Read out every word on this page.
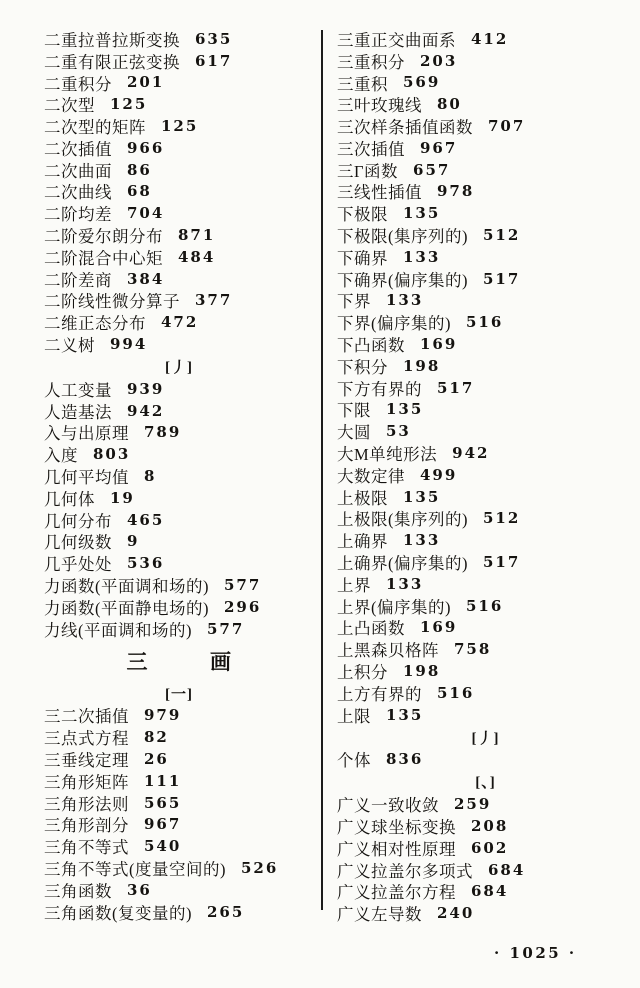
二重拉普拉斯变换 635
二重有限正弦变换 617
二重积分 201
二次型 125
二次型的矩阵 125
二次插值 966
二次曲面 86
二次曲线 68
二阶均差 704
二阶爱尔朗分布 871
二阶混合中心矩 484
二阶差商 384
二阶线性微分算子 377
二维正态分布 472
二义树 994
[丿]
人工变量 939
人造基法 942
入与出原理 789
入度 803
几何平均值 8
几何体 19
几何分布 465
几何级数 9
几乎处处 536
力函数(平面调和场的) 577
力函数(平面静电场的) 296
力线(平面调和场的) 577
三	画
[一]
三二次插值 979
三点式方程 82
三垂线定理 26
三角形矩阵 111
三角形法则 565
三角形剖分 967
三角不等式 540
三角不等式(度量空间的) 526
三角函数 36
三角函数(复变量的) 265
三重正交曲面系 412
三重积分 203
三重积 569
三叶玫瑰线 80
三次样条插值函数 707
三次插值 967
三Γ函数 657
三线性插值 978
下极限 135
下极限(集序列的) 512
下确界 133
下确界(偏序集的) 517
下界 133
下界(偏序集的) 516
下凸函数 169
下积分 198
下方有界的 517
下限 135
大圆 53
大M单纯形法 942
大数定律 499
上极限 135
上极限(集序列的) 512
上确界 133
上确界(偏序集的) 517
上界 133
上界(偏序集的) 516
上凸函数 169
上黑森贝格阵 758
上积分 198
上方有界的 516
上限 135
[丿]
个体 836
[、]
广义一致收敛 259
广义球坐标变换 208
广义相对性原理 602
广义拉盖尔多项式 684
广义拉盖尔方程 684
广义左导数 240
· 1025 ·
